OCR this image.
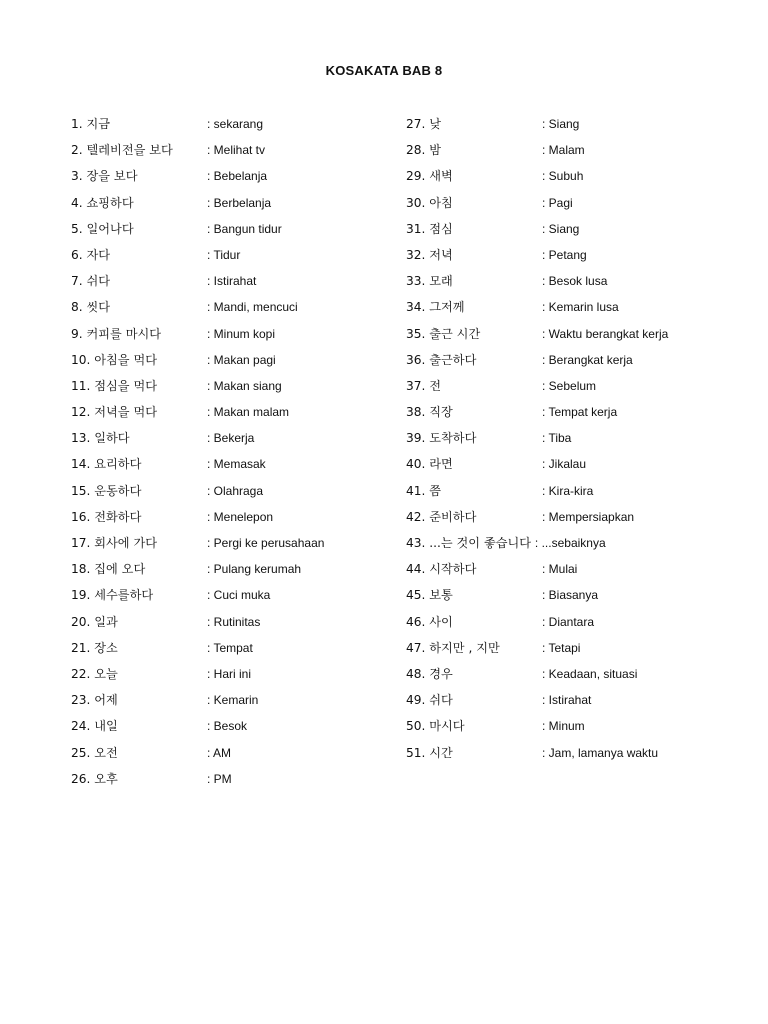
KOSAKATA BAB 8
1. 지금	: sekarang
2. 텔레비전을 보다	: Melihat tv
3. 장을 보다	: Bebelanja
4. 쇼핑하다	: Berbelanja
5. 일어나다	: Bangun tidur
6. 자다	: Tidur
7. 쉬다	: Istirahat
8. 씻다	: Mandi, mencuci
9. 커피를 마시다	: Minum kopi
10. 아침을 먹다	: Makan pagi
11. 점심을 먹다	: Makan siang
12. 저녁을 먹다	: Makan malam
13. 일하다	: Bekerja
14. 요리하다	: Memasak
15. 운동하다	: Olahraga
16. 전화하다	: Menelepon
17. 회사에 가다	: Pergi ke perusahaan
18. 집에 오다	: Pulang kerumah
19. 세수를하다	: Cuci muka
20. 일과	: Rutinitas
21. 장소	: Tempat
22. 오늘	: Hari ini
23. 어제	: Kemarin
24. 내일	: Besok
25. 오전	: AM
26. 오후	: PM
27. 낮	: Siang
28. 밤	: Malam
29. 새벽	: Subuh
30. 아침	: Pagi
31. 점심	: Siang
32. 저녁	: Petang
33. 모래	: Besok lusa
34. 그저께	: Kemarin lusa
35. 출근 시간	: Waktu berangkat kerja
36. 출근하다	: Berangkat kerja
37. 전	: Sebelum
38. 직장	: Tempat kerja
39. 도착하다	: Tiba
40. 라면	: Jikalau
41. 쯤	: Kira-kira
42. 준비하다	: Mempersiapkan
43. ...는 것이 좋습니다 : ...sebaiknya
44. 시작하다	: Mulai
45. 보통	: Biasanya
46. 사이	: Diantara
47. 하지만 , 지만	: Tetapi
48. 경우	: Keadaan, situasi
49. 쉬다	: Istirahat
50. 마시다	: Minum
51. 시간	: Jam, lamanya waktu
